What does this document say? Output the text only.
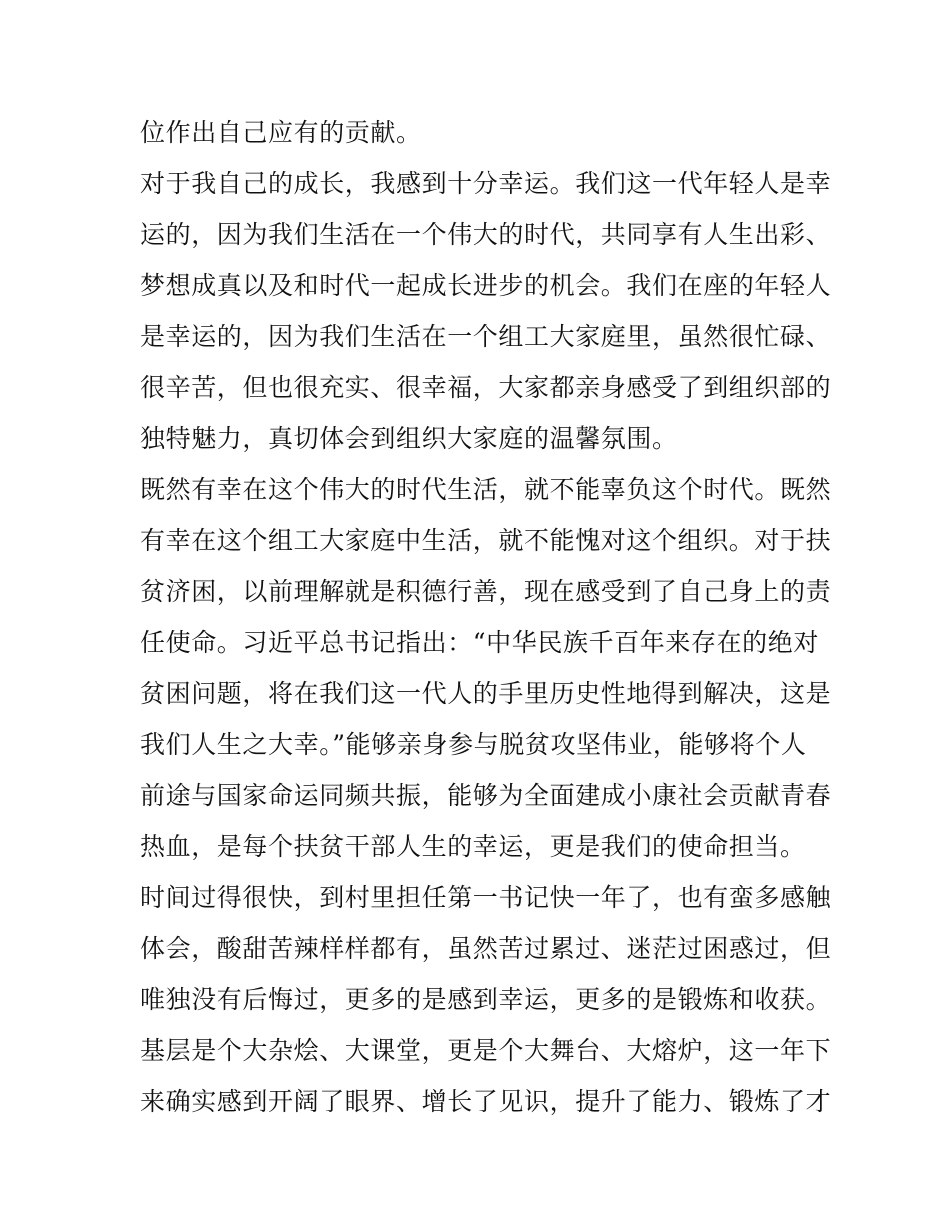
位作出自己应有的贡献。
对于我自己的成长，我感到十分幸运。我们这一代年轻人是幸
运的，因为我们生活在一个伟大的时代，共同享有人生出彩、
梦想成真以及和时代一起成长进步的机会。我们在座的年轻人
是幸运的，因为我们生活在一个组工大家庭里，虽然很忙碌、
很辛苦，但也很充实、很幸福，大家都亲身感受了到组织部的
独特魅力，真切体会到组织大家庭的温馨氛围。
既然有幸在这个伟大的时代生活，就不能辜负这个时代。既然
有幸在这个组工大家庭中生活，就不能愧对这个组织。对于扶
贫济困，以前理解就是积德行善，现在感受到了自己身上的责
任使命。习近平总书记指出：“中华民族千百年来存在的绝对
贫困问题，将在我们这一代人的手里历史性地得到解决，这是
我们人生之大幸。”能够亲身参与脱贫攻坚伟业，能够将个人
前途与国家命运同频共振，能够为全面建成小康社会贡献青春
热血，是每个扶贫干部人生的幸运，更是我们的使命担当。
时间过得很快，到村里担任第一书记快一年了，也有蛮多感触
体会，酸甜苦辣样样都有，虽然苦过累过、迷茫过困惑过，但
唯独没有后悔过，更多的是感到幸运，更多的是锻炼和收获。
基层是个大杂烩、大课堂，更是个大舞台、大熔炉，这一年下
来确实感到开阔了眼界、增长了见识，提升了能力、锻炼了才
